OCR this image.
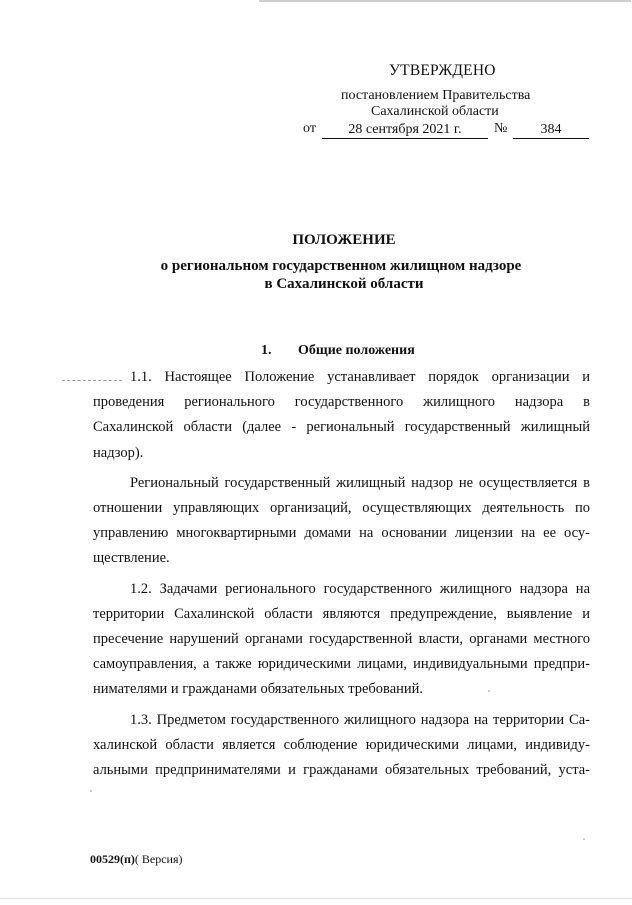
УТВЕРЖДЕНО
постановлением Правительства
Сахалинской области
от	28 сентября 2021 г.	№	384
ПОЛОЖЕНИЕ
о региональном государственном жилищном надзоре
в Сахалинской области
1. Общие положения

1.1. Настоящее Положение устанавливает порядок организации и проведения регионального государственного жилищного надзора в Сахалинской области (далее - региональный государственный жилищный надзор).

Региональный государственный жилищный надзор не осуществляется в отношении управляющих организаций, осуществляющих деятельность по управлению многоквартирными домами на основании лицензии на ее осуществление.

1.2. Задачами регионального государственного жилищного надзора на территории Сахалинской области являются предупреждение, выявление и пресечение нарушений органами государственной власти, органами местного самоуправления, а также юридическими лицами, индивидуальными предпринимателями и гражданами обязательных требований.

1.3. Предметом государственного жилищного надзора на территории Сахалинской области является соблюдение юридическими лицами, индивидуальными предпринимателями и гражданами обязательных требований, уста-

00529(п)( Версия)
